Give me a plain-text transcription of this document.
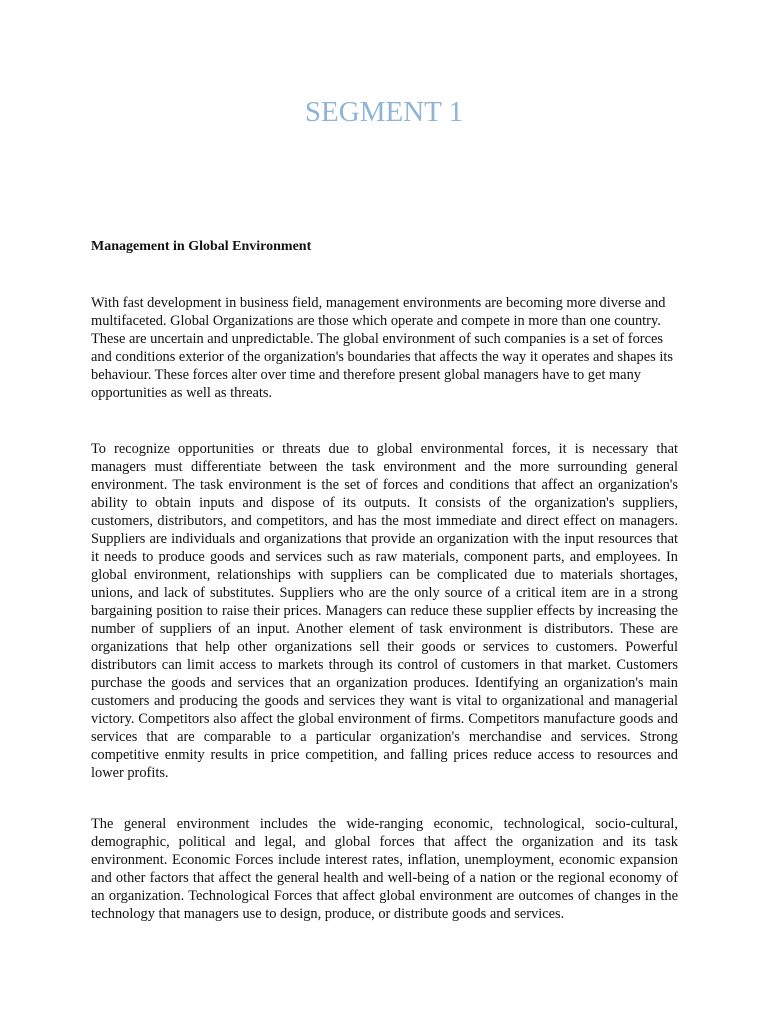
SEGMENT 1
Management in Global Environment

With fast development in business field, management environments are becoming more diverse and multifaceted. Global Organizations are those which operate and compete in more than one country. These are uncertain and unpredictable. The global environment of such companies is a set of forces and conditions exterior of the organization's boundaries that affects the way it operates and shapes its behaviour. These forces alter over time and therefore present global managers have to get many opportunities as well as threats.

To recognize opportunities or threats due to global environmental forces, it is necessary that managers must differentiate between the task environment and the more surrounding general environment. The task environment is the set of forces and conditions that affect an organization's ability to obtain inputs and dispose of its outputs. It consists of the organization's suppliers, customers, distributors, and competitors, and has the most immediate and direct effect on managers. Suppliers are individuals and organizations that provide an organization with the input resources that it needs to produce goods and services such as raw materials, component parts, and employees. In global environment, relationships with suppliers can be complicated due to materials shortages, unions, and lack of substitutes. Suppliers who are the only source of a critical item are in a strong bargaining position to raise their prices. Managers can reduce these supplier effects by increasing the number of suppliers of an input. Another element of task environment is distributors. These are organizations that help other organizations sell their goods or services to customers. Powerful distributors can limit access to markets through its control of customers in that market. Customers purchase the goods and services that an organization produces. Identifying an organization's main customers and producing the goods and services they want is vital to organizational and managerial victory. Competitors also affect the global environment of firms. Competitors manufacture goods and services that are comparable to a particular organization's merchandise and services. Strong competitive enmity results in price competition, and falling prices reduce access to resources and lower profits.

The general environment includes the wide-ranging economic, technological, socio-cultural, demographic, political and legal, and global forces that affect the organization and its task environment. Economic Forces include interest rates, inflation, unemployment, economic expansion and other factors that affect the general health and well-being of a nation or the regional economy of an organization. Technological Forces that affect global environment are outcomes of changes in the technology that managers use to design, produce, or distribute goods and services.
